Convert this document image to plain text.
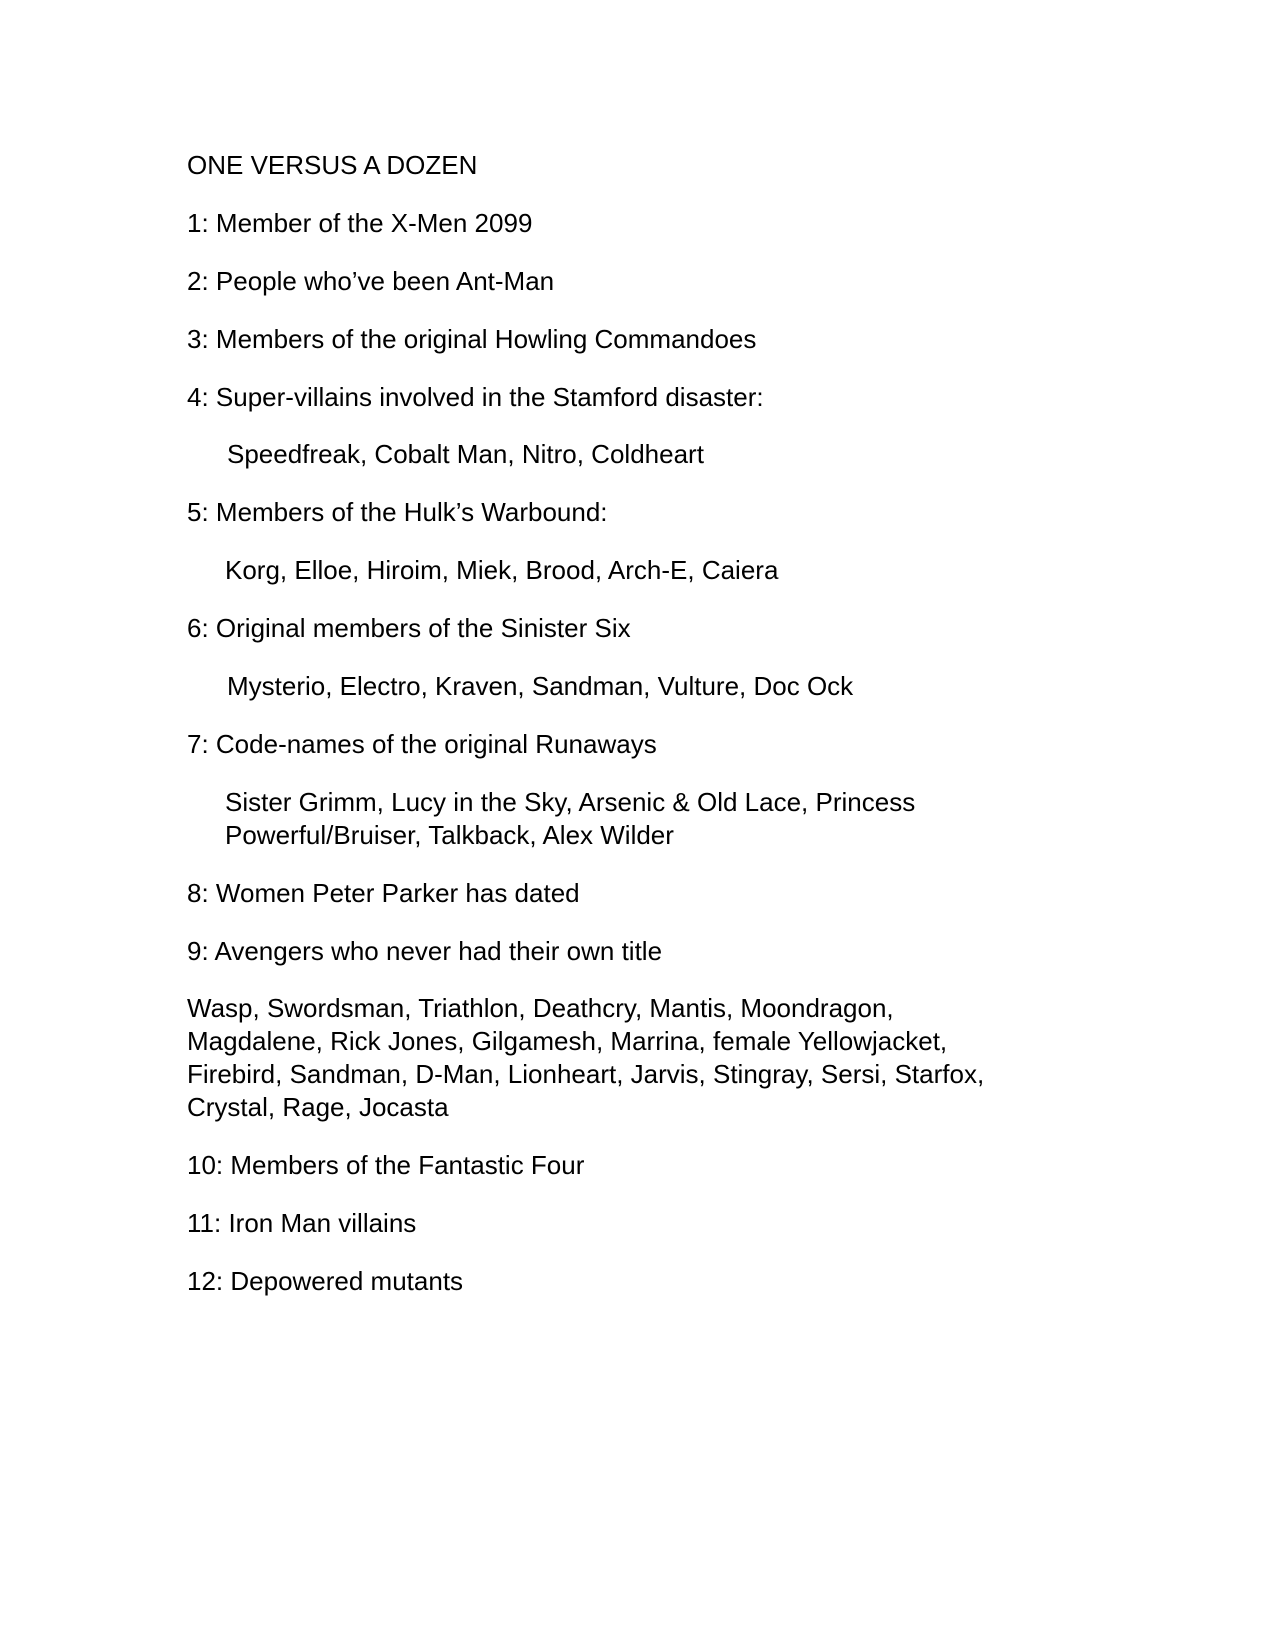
ONE VERSUS A DOZEN

1: Member of the X-Men 2099

2: People who’ve been Ant-Man

3: Members of the original Howling Commandoes

4: Super-villains involved in the Stamford disaster:

Speedfreak, Cobalt Man, Nitro, Coldheart

5: Members of the Hulk’s Warbound:

Korg, Elloe, Hiroim, Miek, Brood, Arch-E, Caiera

6: Original members of the Sinister Six

Mysterio, Electro, Kraven, Sandman, Vulture, Doc Ock

7: Code-names of the original Runaways

Sister Grimm, Lucy in the Sky, Arsenic & Old Lace, Princess

Powerful/Bruiser, Talkback, Alex Wilder

8: Women Peter Parker has dated

9: Avengers who never had their own title

Wasp, Swordsman, Triathlon, Deathcry, Mantis, Moondragon,

Magdalene, Rick Jones, Gilgamesh, Marrina, female Yellowjacket,

Firebird, Sandman, D-Man, Lionheart, Jarvis, Stingray, Sersi, Starfox,

Crystal, Rage, Jocasta

10: Members of the Fantastic Four

11: Iron Man villains

12: Depowered mutants
